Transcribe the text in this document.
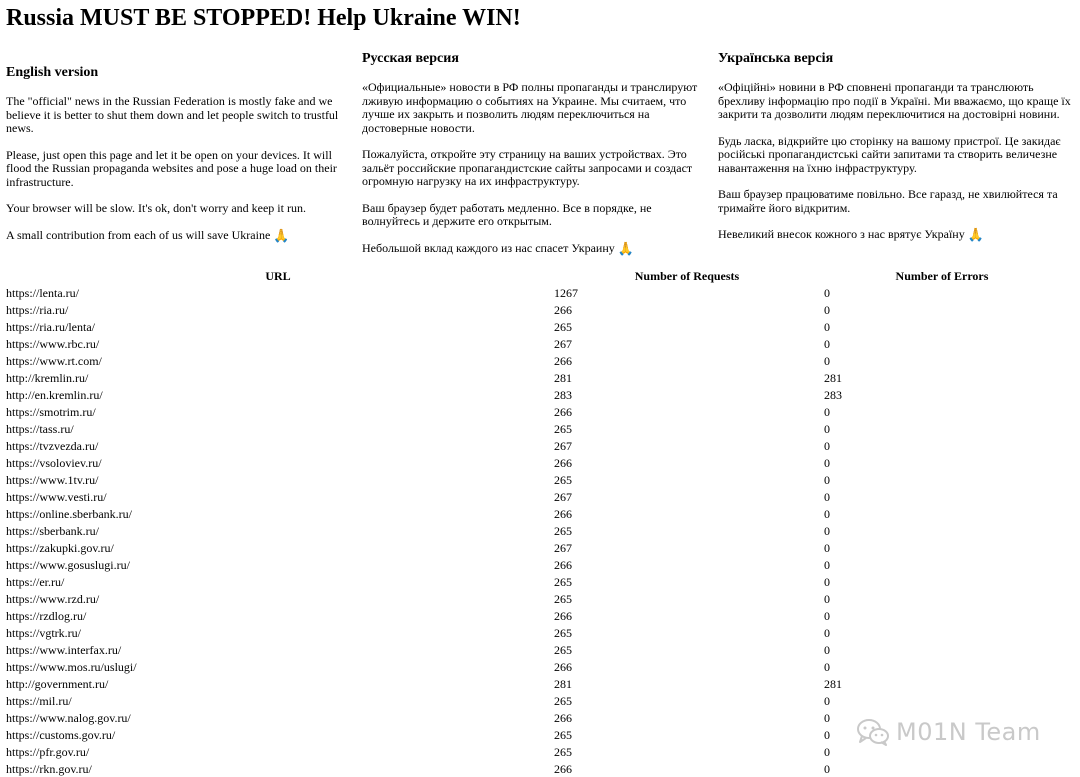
Russia MUST BE STOPPED! Help Ukraine WIN!
English version

The "official" news in the Russian Federation is mostly fake and we believe it is better to shut them down and let people switch to trustful news.

Please, just open this page and let it be open on your devices. It will flood the Russian propaganda websites and pose a huge load on their infrastructure.

Your browser will be slow. It's ok, don't worry and keep it run.

A small contribution from each of us will save Ukraine 🙏

Русская версия

«Официальные» новости в РФ полны пропаганды и транслируют лживую информацию о событиях на Украине. Мы считаем, что лучше их закрыть и позволить людям переключиться на достоверные новости.

Пожалуйста, откройте эту страницу на ваших устройствах. Это зальёт российские пропагандистские сайты запросами и создаст огромную нагрузку на их инфраструктуру.

Ваш браузер будет работать медленно. Все в порядке, не волнуйтесь и держите его открытым.

Небольшой вклад каждого из нас спасет Украину 🙏

Українська версія

«Офіційні» новини в РФ сповнені пропаганди та транслюють брехливу інформацію про події в Україні. Ми вважаємо, що краще їх закрити та дозволити людям переключитися на достовірні новини.

Будь ласка, відкрийте цю сторінку на вашому пристрої. Це закидає російські пропагандистські сайти запитами та створить величезне навантаження на їхню інфраструктуру.

Ваш браузер працюватиме повільно. Все гаразд, не хвилюйтеся та тримайте його відкритим.

Невеликий внесок кожного з нас врятує Україну 🙏

URL	Number of Requests	Number of Errors
https://lenta.ru/	1267	0
https://ria.ru/	266	0
https://ria.ru/lenta/	265	0
https://www.rbc.ru/	267	0
https://www.rt.com/	266	0
http://kremlin.ru/	281	281
http://en.kremlin.ru/	283	283
https://smotrim.ru/	266	0
https://tass.ru/	265	0
https://tvzvezda.ru/	267	0
https://vsoloviev.ru/	266	0
https://www.1tv.ru/	265	0
https://www.vesti.ru/	267	0
https://online.sberbank.ru/	266	0
https://sberbank.ru/	265	0
https://zakupki.gov.ru/	267	0
https://www.gosuslugi.ru/	266	0
https://er.ru/	265	0
https://www.rzd.ru/	265	0
https://rzdlog.ru/	266	0
https://vgtrk.ru/	265	0
https://www.interfax.ru/	265	0
https://www.mos.ru/uslugi/	266	0
http://government.ru/	281	281
https://mil.ru/	265	0
https://www.nalog.gov.ru/	266	0
https://customs.gov.ru/	265	0
https://pfr.gov.ru/	265	0
https://rkn.gov.ru/	266	0
M01N Team
